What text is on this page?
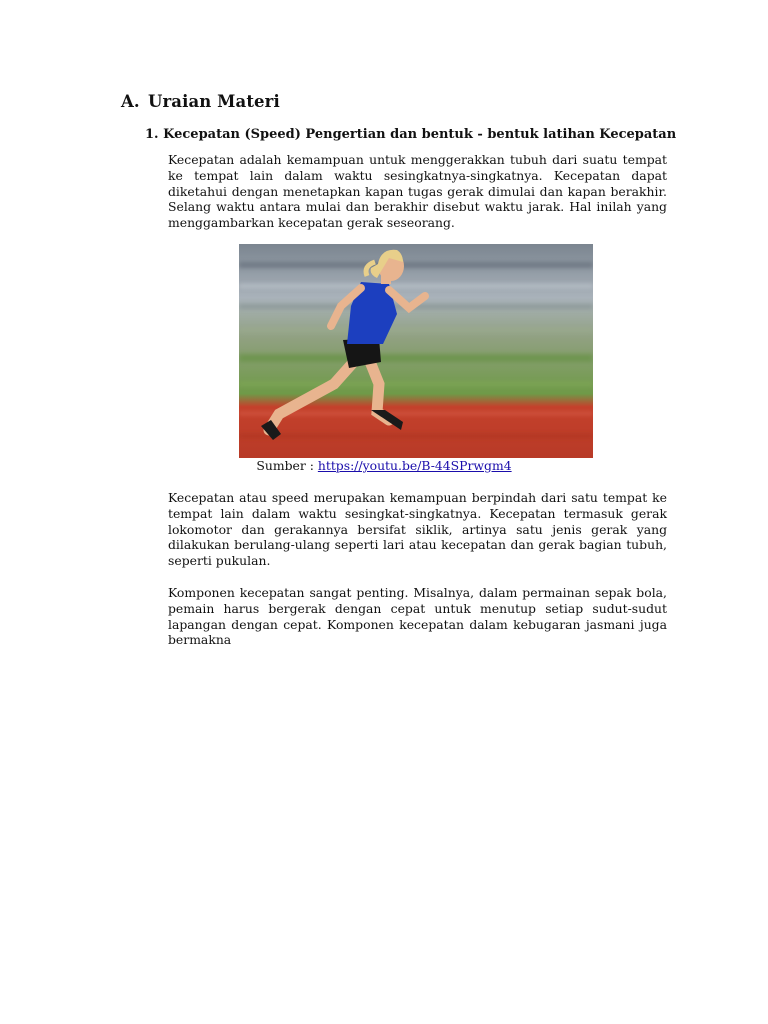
A. Uraian Materi
1. Kecepatan (Speed) Pengertian dan bentuk - bentuk latihan Kecepatan

Kecepatan adalah kemampuan untuk menggerakkan tubuh dari suatu tempat ke tempat lain dalam waktu sesingkatnya-singkatnya. Kecepatan dapat diketahui dengan menetapkan kapan tugas gerak dimulai dan kapan berakhir. Selang waktu antara mulai dan berakhir disebut waktu jarak. Hal inilah yang menggambarkan kecepatan gerak seseorang.

Sumber : https://youtu.be/B-44SPrwgm4

Kecepatan atau speed merupakan kemampuan berpindah dari satu tempat ke tempat lain dalam waktu sesingkat-singkatnya. Kecepatan termasuk gerak lokomotor dan gerakannya bersifat siklik, artinya satu jenis gerak yang dilakukan berulang-ulang seperti lari atau kecepatan dan gerak bagian tubuh, seperti pukulan.

Komponen kecepatan sangat penting. Misalnya, dalam permainan sepak bola, pemain harus bergerak dengan cepat untuk menutup setiap sudut-sudut lapangan dengan cepat. Komponen kecepatan dalam kebugaran jasmani juga bermakna
